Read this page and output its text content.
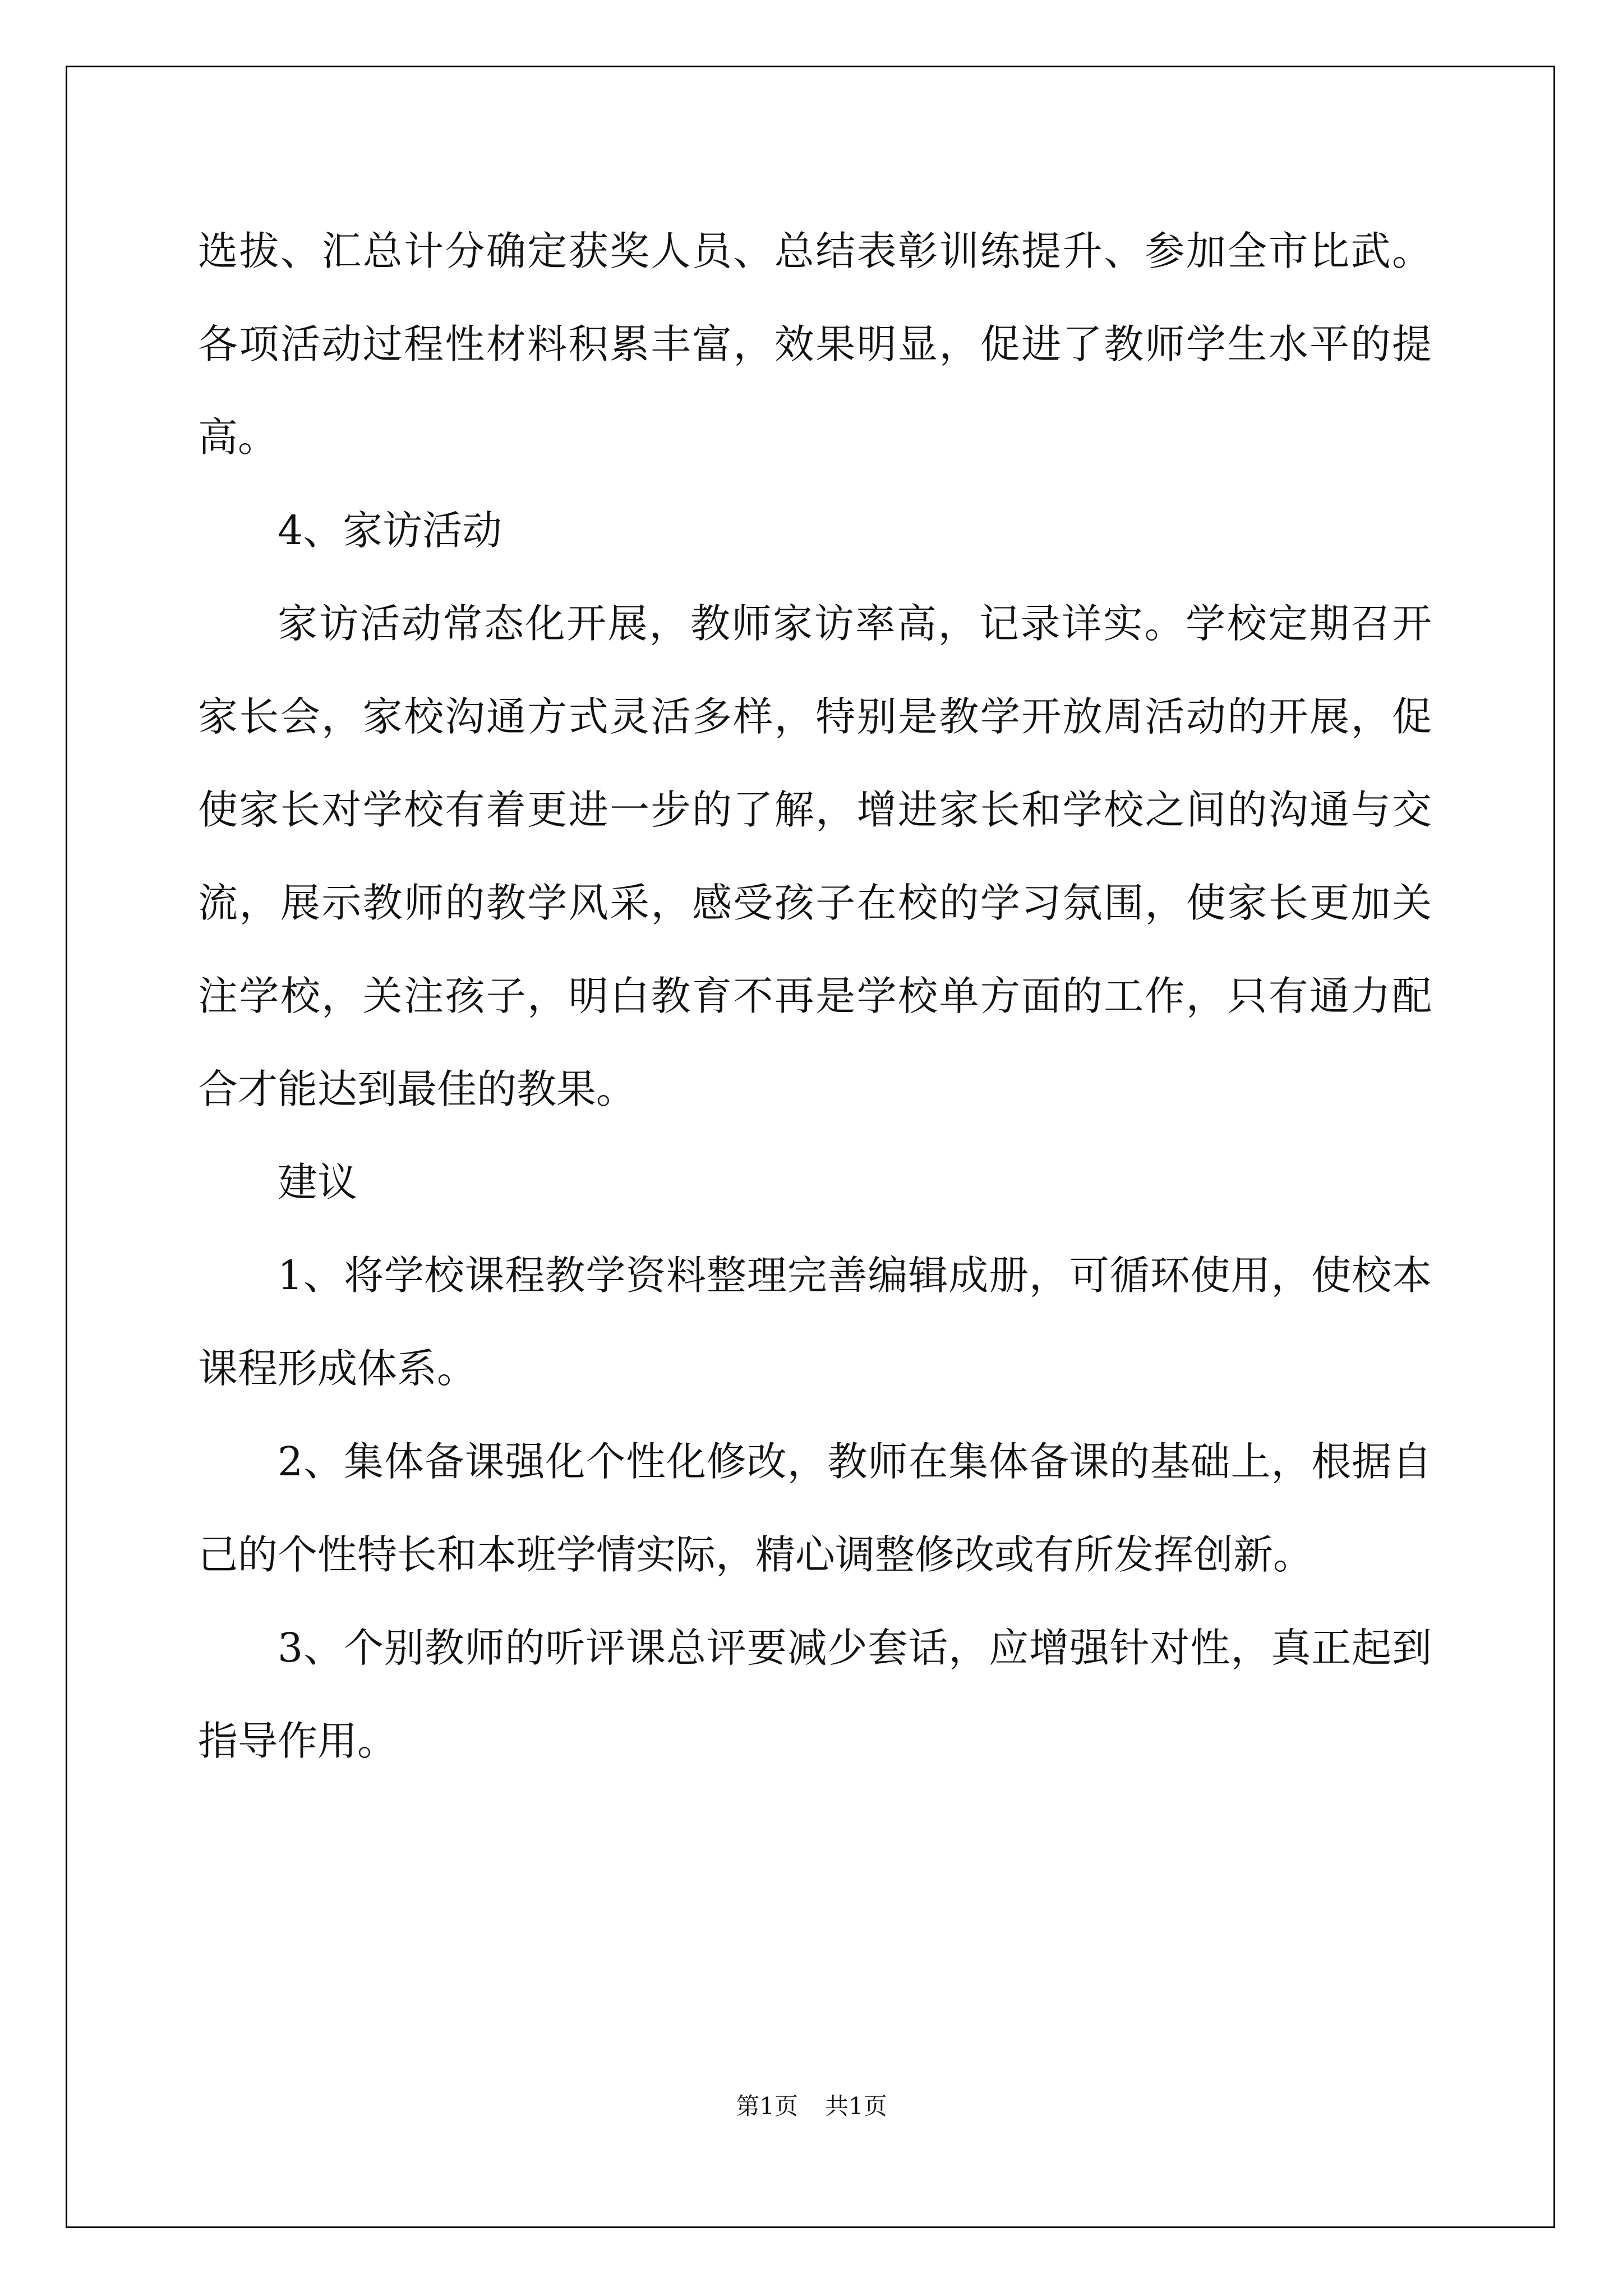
选拔、汇总计分确定获奖人员、总结表彰训练提升、参加全市比武。各项活动过程性材料积累丰富，效果明显，促进了教师学生水平的提高。

4、家访活动

家访活动常态化开展，教师家访率高，记录详实。学校定期召开家长会，家校沟通方式灵活多样，特别是教学开放周活动的开展，促使家长对学校有着更进一步的了解，增进家长和学校之间的沟通与交流，展示教师的教学风采，感受孩子在校的学习氛围，使家长更加关注学校，关注孩子，明白教育不再是学校单方面的工作，只有通力配合才能达到最佳的教果。

建议

1、将学校课程教学资料整理完善编辑成册，可循环使用，使校本课程形成体系。

2、集体备课强化个性化修改，教师在集体备课的基础上，根据自己的个性特长和本班学情实际，精心调整修改或有所发挥创新。

3、个别教师的听评课总评要减少套话，应增强针对性，真正起到指导作用。

第1页 共1页
